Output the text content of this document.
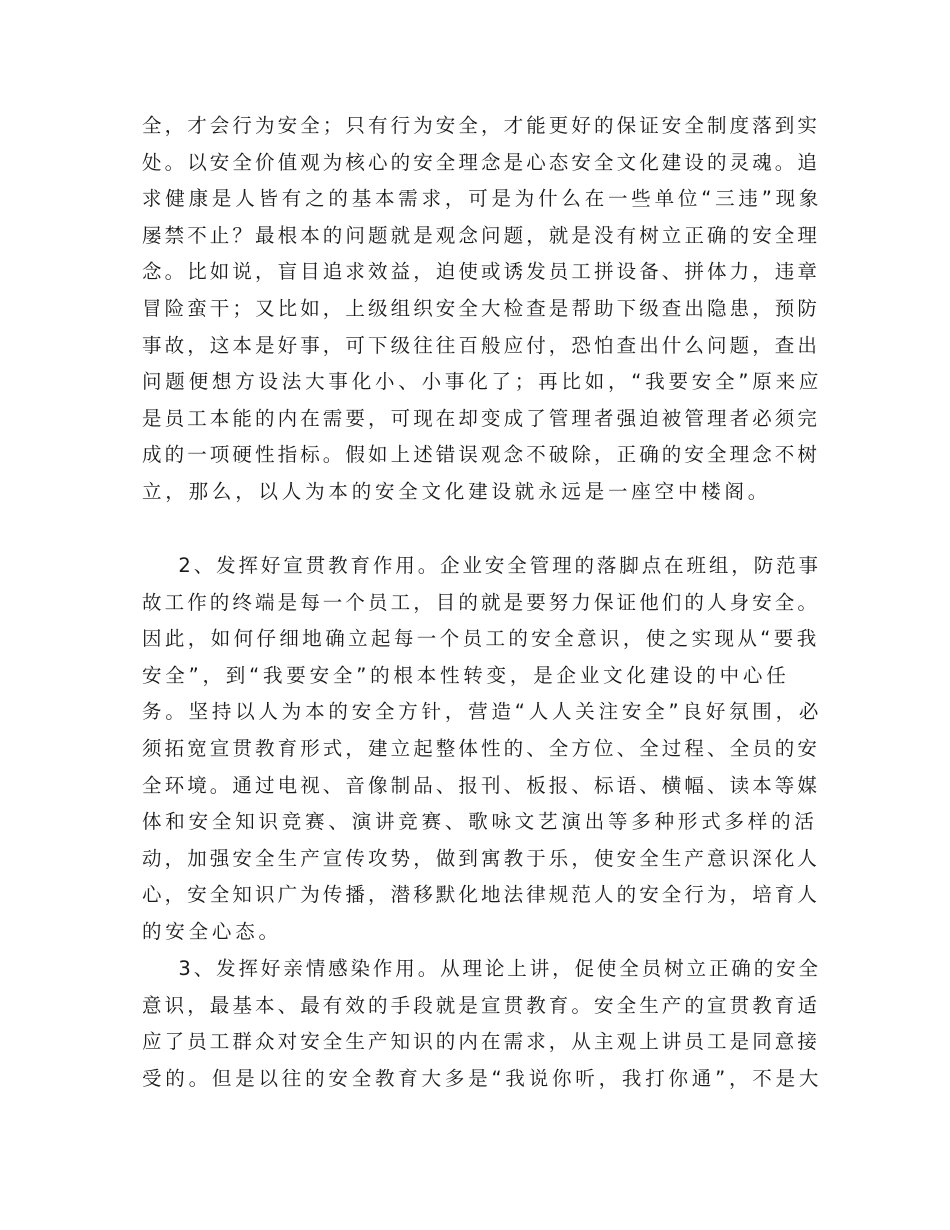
全，才会行为安全；只有行为安全，才能更好的保证安全制度落到实
处。以安全价值观为核心的安全理念是心态安全文化建设的灵魂。追
求健康是人皆有之的基本需求，可是为什么在一些单位“三违”现象
屡禁不止？最根本的问题就是观念问题，就是没有树立正确的安全理
念。比如说，盲目追求效益，迫使或诱发员工拼设备、拼体力，违章
冒险蛮干；又比如，上级组织安全大检查是帮助下级查出隐患，预防
事故，这本是好事，可下级往往百般应付，恐怕查出什么问题，查出
问题便想方设法大事化小、小事化了；再比如，“我要安全”原来应
是员工本能的内在需要，可现在却变成了管理者强迫被管理者必须完
成的一项硬性指标。假如上述错误观念不破除，正确的安全理念不树
立，那么，以人为本的安全文化建设就永远是一座空中楼阁。
2、发挥好宣贯教育作用。企业安全管理的落脚点在班组，防范事
故工作的终端是每一个员工，目的就是要努力保证他们的人身安全。
因此，如何仔细地确立起每一个员工的安全意识，使之实现从“要我
安全”，到“我要安全”的根本性转变，是企业文化建设的中心任
务。坚持以人为本的安全方针，营造“人人关注安全”良好氛围，必
须拓宽宣贯教育形式，建立起整体性的、全方位、全过程、全员的安
全环境。通过电视、音像制品、报刊、板报、标语、横幅、读本等媒
体和安全知识竞赛、演讲竞赛、歌咏文艺演出等多种形式多样的活
动，加强安全生产宣传攻势，做到寓教于乐，使安全生产意识深化人
心，安全知识广为传播，潜移默化地法律规范人的安全行为，培育人
的安全心态。
3、发挥好亲情感染作用。从理论上讲，促使全员树立正确的安全
意识，最基本、最有效的手段就是宣贯教育。安全生产的宣贯教育适
应了员工群众对安全生产知识的内在需求，从主观上讲员工是同意接
受的。但是以往的安全教育大多是“我说你听，我打你通”，不是大
